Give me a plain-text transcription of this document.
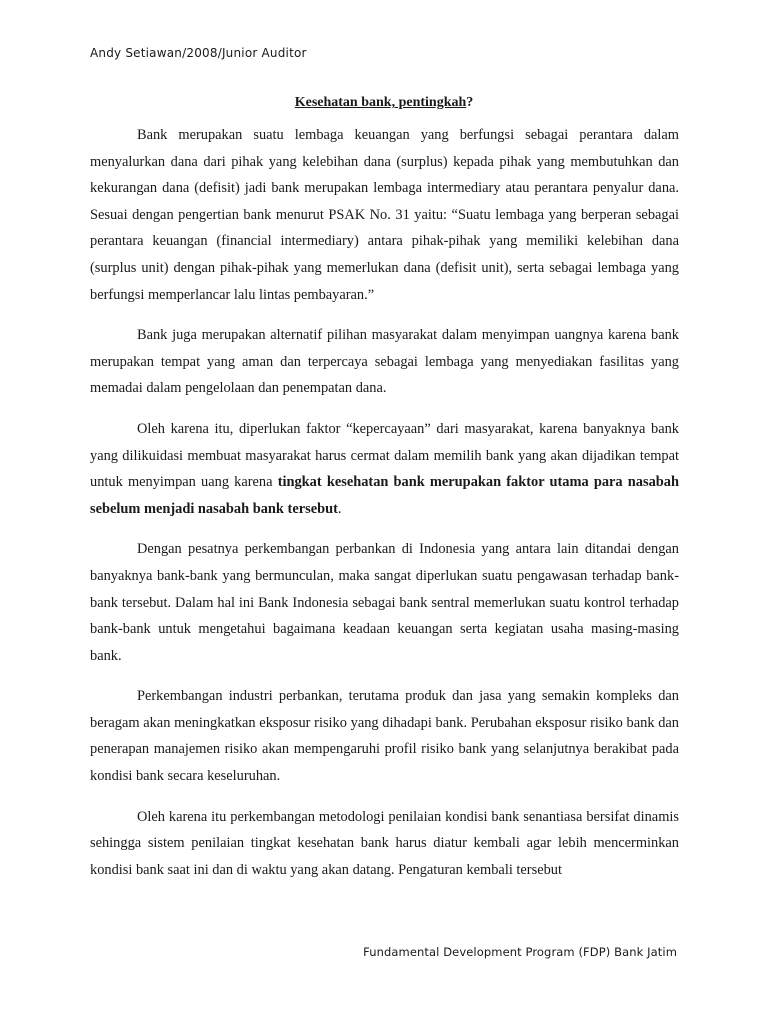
Andy Setiawan/2008/Junior Auditor
Kesehatan bank, pentingkah?

Bank merupakan suatu lembaga keuangan yang berfungsi sebagai perantara dalam menyalurkan dana dari pihak yang kelebihan dana (surplus) kepada pihak yang membutuhkan dan kekurangan dana (defisit) jadi bank merupakan lembaga intermediary atau perantara penyalur dana. Sesuai dengan pengertian bank menurut PSAK No. 31 yaitu: “Suatu lembaga yang berperan sebagai perantara keuangan (financial intermediary) antara pihak-pihak yang memiliki kelebihan dana (surplus unit) dengan pihak-pihak yang memerlukan dana (defisit unit), serta sebagai lembaga yang berfungsi memperlancar lalu lintas pembayaran.”

Bank juga merupakan alternatif pilihan masyarakat dalam menyimpan uangnya karena bank merupakan tempat yang aman dan terpercaya sebagai lembaga yang menyediakan fasilitas yang memadai dalam pengelolaan dan penempatan dana.

Oleh karena itu, diperlukan faktor “kepercayaan” dari masyarakat, karena banyaknya bank yang dilikuidasi membuat masyarakat harus cermat dalam memilih bank yang akan dijadikan tempat untuk menyimpan uang karena tingkat kesehatan bank merupakan faktor utama para nasabah sebelum menjadi nasabah bank tersebut.

Dengan pesatnya perkembangan perbankan di Indonesia yang antara lain ditandai dengan banyaknya bank-bank yang bermunculan, maka sangat diperlukan suatu pengawasan terhadap bank-bank tersebut. Dalam hal ini Bank Indonesia sebagai bank sentral memerlukan suatu kontrol terhadap bank-bank untuk mengetahui bagaimana keadaan keuangan serta kegiatan usaha masing-masing bank.

Perkembangan industri perbankan, terutama produk dan jasa yang semakin kompleks dan beragam akan meningkatkan eksposur risiko yang dihadapi bank. Perubahan eksposur risiko bank dan penerapan manajemen risiko akan mempengaruhi profil risiko bank yang selanjutnya berakibat pada kondisi bank secara keseluruhan.

Oleh karena itu perkembangan metodologi penilaian kondisi bank senantiasa bersifat dinamis sehingga sistem penilaian tingkat kesehatan bank harus diatur kembali agar lebih mencerminkan kondisi bank saat ini dan di waktu yang akan datang. Pengaturan kembali tersebut

Fundamental Development Program (FDP) Bank Jatim
